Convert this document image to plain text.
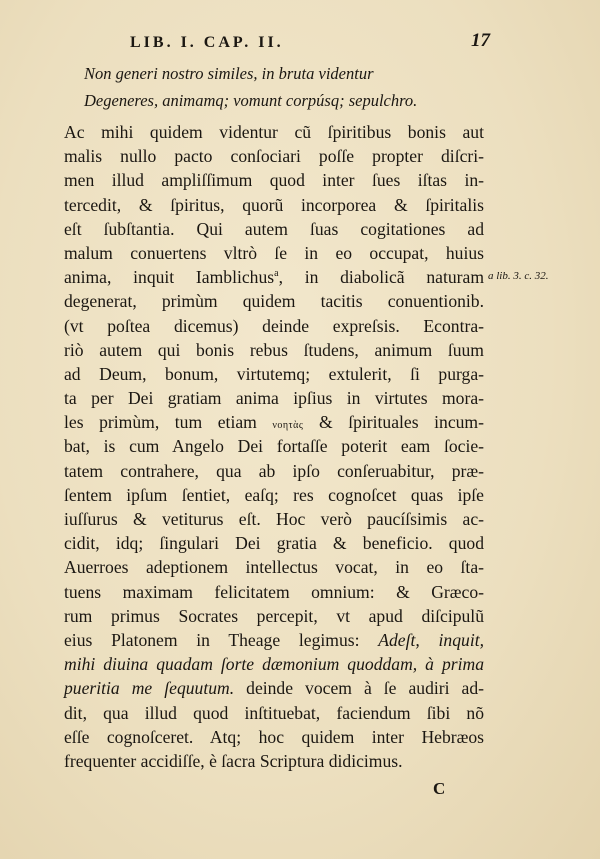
LIB. I. CAP. II.	17
Non generi nostro similes, in bruta videntur
Degeneres, animamq; vomunt corpúsq; sepulchro.
Ac mihi quidem videntur cũ ſpiritibus bonis aut
malis nullo pacto conſociari poſſe propter diſcri-
men illud ampliſſimum quod inter ſues iſtas in-
tercedit, & ſpiritus, quorũ incorporea & ſpiritalis
eſt ſubſtantia. Qui autem ſuas cogitationes ad
malum conuertens vltrò ſe in eo occupat, huius
anima, inquit Iamblichus$^a$, in diabolicã naturam
degenerat, primùm quidem tacitis conuentionib.
(vt poſtea dicemus) deinde expreſsis. Econtra-
riò autem qui bonis rebus ſtudens, animum ſuum
ad Deum, bonum, virtutemq; extulerit, ſi purga-
ta per Dei gratiam anima ipſius in virtutes mora-
les primùm, tum etiam νοητὰς & ſpirituales incum-
bat, is cum Angelo Dei fortaſſe poterit eam ſocie-
tatem contrahere, qua ab ipſo conſeruabitur, præ-
ſentem ipſum ſentiet, eaſq; res cognoſcet quas ipſe
iuſſurus & vetiturus eſt. Hoc verò paucíſsimis ac-
cidit, idq; ſingulari Dei gratia & beneficio. quod
Auerroes adeptionem intellectus vocat, in eo ſta-
tuens maximam felicitatem omnium: & Græco-
rum primus Socrates percepit, vt apud diſcipulũ
eius Platonem in Theage legimus: Adeſt, inquit,
mihi diuina quadam ſorte dæmonium quoddam, à prima
pueritia me ſequutum. deinde vocem à ſe audiri ad-
dit, qua illud quod inſtituebat, faciendum ſibi nõ
eſſe cognoſceret. Atq; hoc quidem inter Hebræos
frequenter accidiſſe, è ſacra Scriptura didicimus.
a lib. 3. c. 32.
C
